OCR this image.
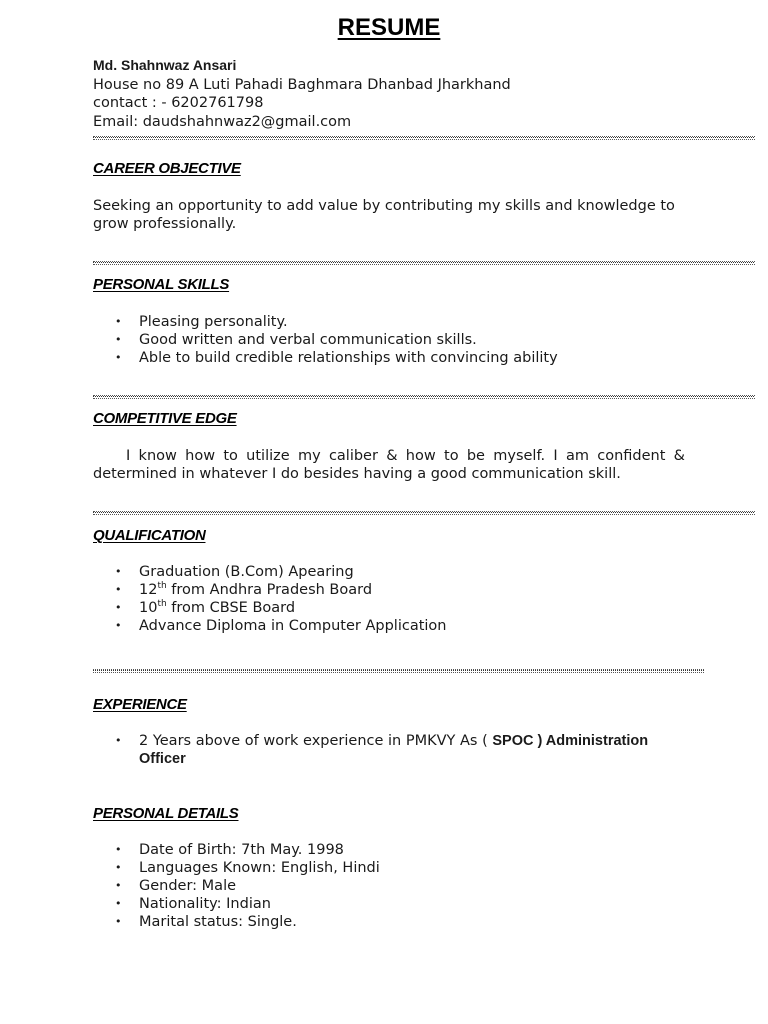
RESUME
Md. Shahnwaz Ansari
House no 89 A Luti Pahadi Baghmara Dhanbad Jharkhand
contact : - 6202761798
Email: daudshahnwaz2@gmail.com
CAREER OBJECTIVE
Seeking an opportunity to add value by contributing my skills and knowledge to grow professionally.
PERSONAL SKILLS
• Pleasing personality.
• Good written and verbal communication skills.
• Able to build credible relationships with convincing ability
COMPETITIVE EDGE
I know how to utilize my caliber & how to be myself. I am confident & determined in whatever I do besides having a good communication skill.
QUALIFICATION
• Graduation (B.Com) Apearing
• 12th from Andhra Pradesh Board
• 10th from CBSE Board
• Advance Diploma in Computer Application
EXPERIENCE
• 2 Years above of work experience in PMKVY As ( SPOC ) Administration Officer
PERSONAL DETAILS
• Date of Birth: 7th May. 1998
• Languages Known: English, Hindi
• Gender: Male
• Nationality: Indian
• Marital status: Single.
